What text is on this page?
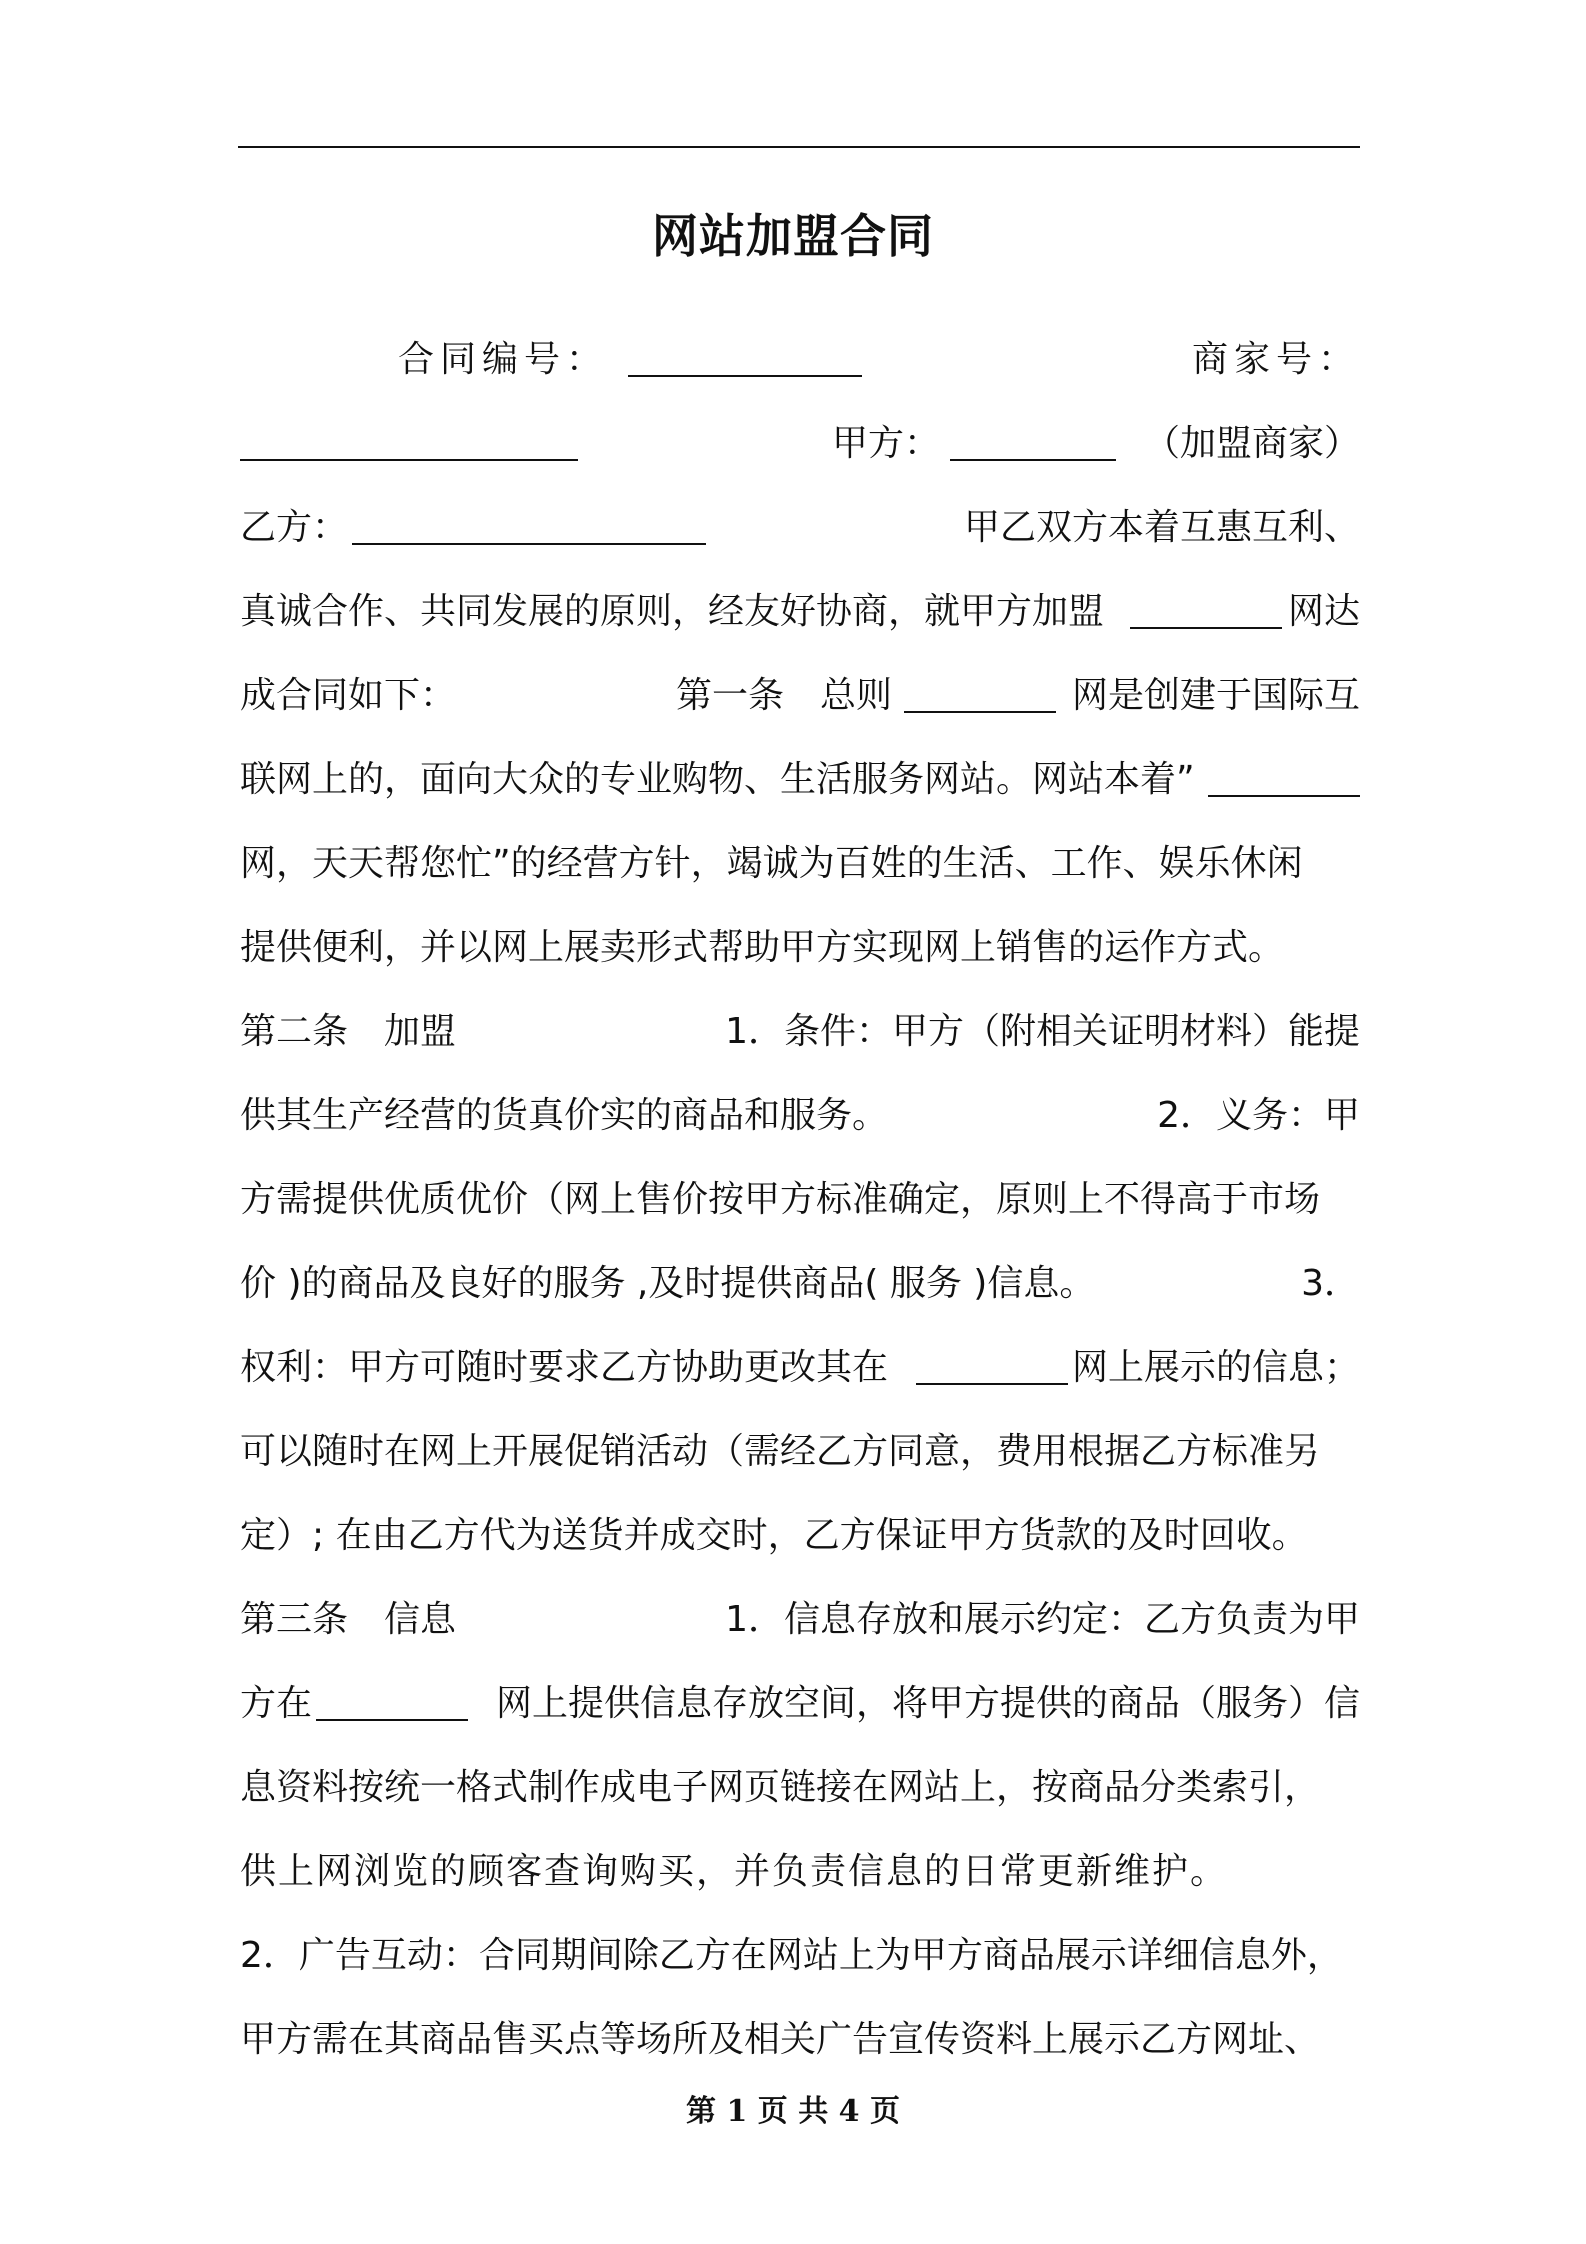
网站加盟合同
合同编号：	商家号：
甲方：	（加盟商家）
乙方：	甲乙双方本着互惠互利、
真诚合作、共同发展的原则，经友好协商，就甲方加盟	网达
成合同如下：	第一条　总则	网是创建于国际互
联网上的，面向大众的专业购物、生活服务网站。网站本着”
网，天天帮您忙”的经营方针，竭诚为百姓的生活、工作、娱乐休闲
提供便利，并以网上展卖形式帮助甲方实现网上销售的运作方式。
第二条　加盟	1．条件：甲方（附相关证明材料）能提
供其生产经营的货真价实的商品和服务。	2．义务：甲
方需提供优质优价（网上售价按甲方标准确定，原则上不得高于市场
价 )的商品及良好的服务 ,及时提供商品( 服务 )信息。	3．
权利：甲方可随时要求乙方协助更改其在	网上展示的信息；
可以随时在网上开展促销活动（需经乙方同意，费用根据乙方标准另
定）; 在由乙方代为送货并成交时，乙方保证甲方货款的及时回收。
第三条　信息	1．信息存放和展示约定：乙方负责为甲
方在	网上提供信息存放空间，将甲方提供的商品（服务）信
息资料按统一格式制作成电子网页链接在网站上，按商品分类索引，
供上网浏览的顾客查询购买，并负责信息的日常更新维护。
2．广告互动：合同期间除乙方在网站上为甲方商品展示详细信息外，
甲方需在其商品售买点等场所及相关广告宣传资料上展示乙方网址、
第 1 页 共 4 页
